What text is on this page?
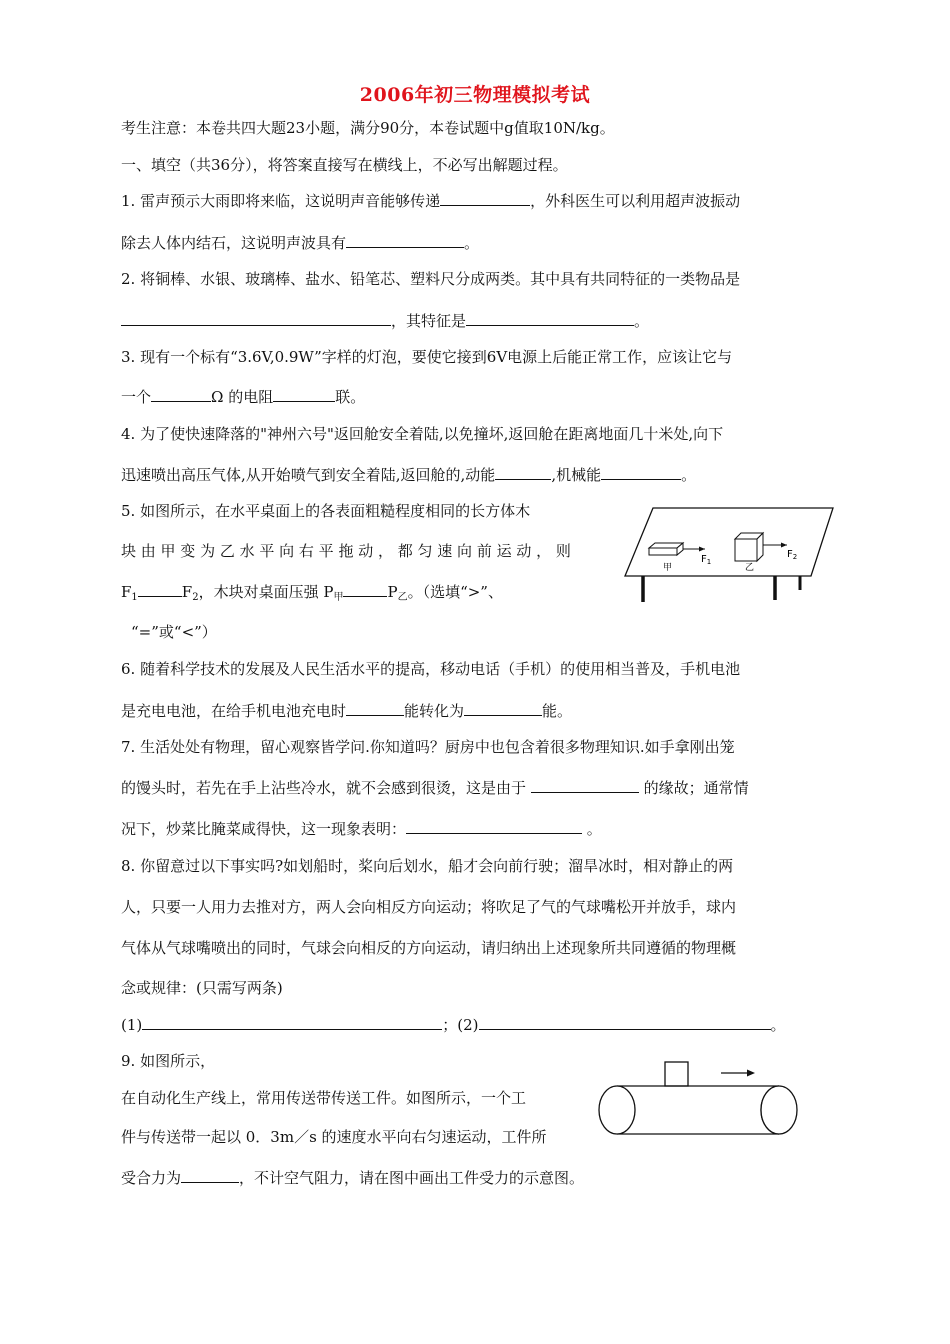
2006年初三物理模拟考试
考生注意：本卷共四大题23小题，满分90分，本卷试题中g值取10N/kg。
一、填空（共36分），将答案直接写在横线上，不必写出解题过程。
1. 雷声预示大雨即将来临，这说明声音能够传递	，外科医生可以利用超声波振动
除去人体内结石，这说明声波具有	。
2. 将铜棒、水银、玻璃棒、盐水、铅笔芯、塑料尺分成两类。其中具有共同特征的一类物品是
，其特征是	。
3. 现有一个标有“3.6V,0.9W”字样的灯泡，要使它接到6V电源上后能正常工作，应该让它与
一个	Ω 的电阻	联。
4. 为了使快速降落的"神州六号"返回舱安全着陆,以免撞坏,返回舱在距离地面几十米处,向下
迅速喷出高压气体,从开始喷气到安全着陆,返回舱的,动能	,机械能	。
5. 如图所示，在水平桌面上的各表面粗糙程度相同的长方体木
块 由 甲 变 为 乙 水 平 向 右 平 拖 动 ， 都 匀 速 向 前 运 动 ， 则
$F_1$	$F_2$，木块对桌面压强 $P_甲$	$P_乙$。（选填“>”、
“=”或“<”）
甲
$F_1$
乙
$F_2$
6. 随着科学技术的发展及人民生活水平的提高，移动电话（手机）的使用相当普及，手机电池
是充电电池，在给手机电池充电时	能转化为	能。
7. 生活处处有物理，留心观察皆学问.你知道吗？厨房中也包含着很多物理知识.如手拿刚出笼
的馒头时，若先在手上沾些冷水，就不会感到很烫，这是由于	的缘故；通常情
况下，炒菜比腌菜咸得快，这一现象表明：	。
8. 你留意过以下事实吗?如划船时，桨向后划水，船才会向前行驶；溜旱冰时，相对静止的两
人，只要一人用力去推对方，两人会向相反方向运动；将吹足了气的气球嘴松开并放手，球内
气体从气球嘴喷出的同时，气球会向相反的方向运动，请归纳出上述现象所共同遵循的物理概
念或规律：(只需写两条)
(1)	；(2)	。
9. 如图所示，
在自动化生产线上，常用传送带传送工件。如图所示，一个工
件与传送带一起以 0．3m／s 的速度水平向右匀速运动，工件所
受合力为	，不计空气阻力，请在图中画出工件受力的示意图。
